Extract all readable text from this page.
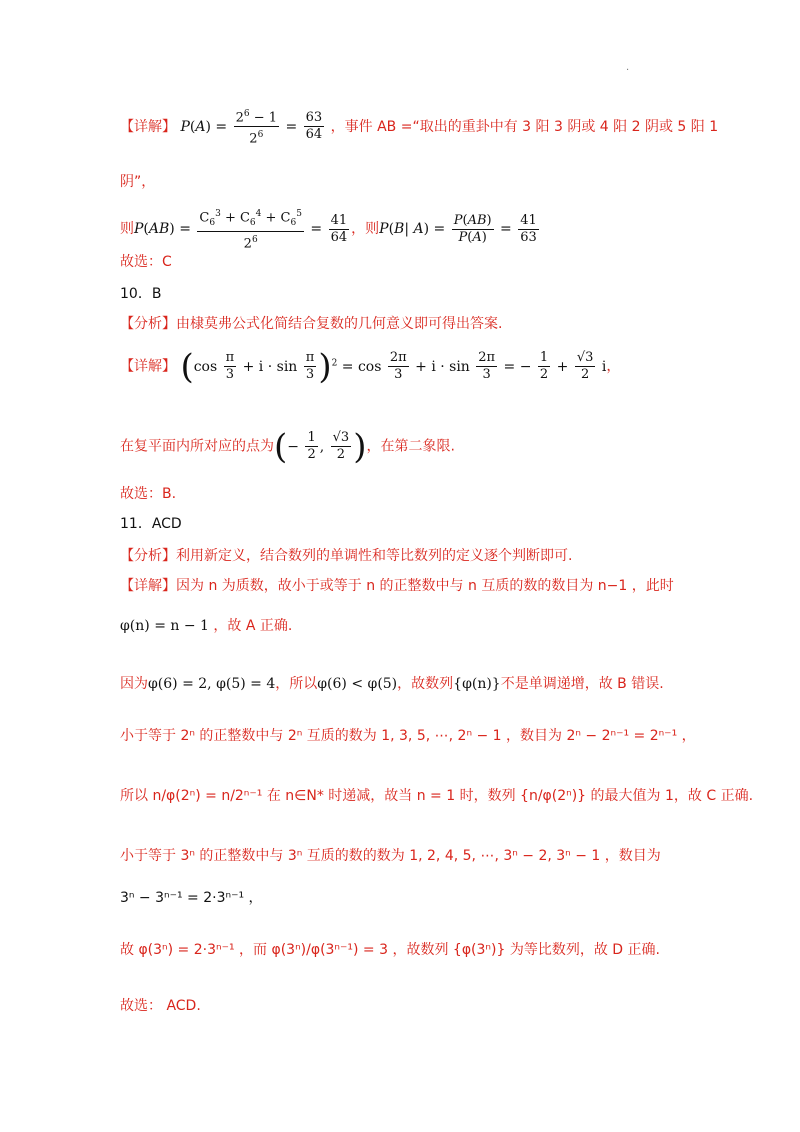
.
【详解】 $P(A) = \frac{2^6 - 1}{2^6} = \frac{63}{64}$ ，事件 AB =“取出的重卦中有 3 阳 3 阴或 4 阳 2 阴或 5 阳 1
阴”，
则$P(AB) = \frac{C_6^3 + C_6^4 + C_6^5}{2^6} = \frac{41}{64}$ ，则P(B| $A) = \frac{P(AB)}{P(A)} = \frac{41}{63}$
故选：C
10．B
【分析】由棣莫弗公式化简结合复数的几何意义即可得出答案.
【详解】 $(\cos \frac{\pi}{3} + i \cdot \sin \frac{\pi}{3} )^2 = \cos \frac{2\pi}{3} + i \cdot \sin \frac{2\pi}{3}$ = − $\frac{1}{2} + \frac{√3}{2}$ i，
在复平面内所对应的点为(− $\frac{1}{2}$ , $\frac{√3}{2}$ )，在第二象限.
故选：B.
11．ACD
【分析】利用新定义，结合数列的单调性和等比数列的定义逐个判断即可.
【详解】因为 n 为质数，故小于或等于 n 的正整数中与 n 互质的数的数目为 n−1 ，此时
φ(n) = n − 1 ，故 A 正确.
因为φ(6) = 2, φ(5) = 4，所以φ(6) < φ(5)，故数列{φ(n)}不是单调递增，故 B 错误.
小于等于 2ⁿ 的正整数中与 2ⁿ 互质的数为 1, 3, 5, ⋯, 2ⁿ − 1 ，数目为 2ⁿ − 2ⁿ⁻¹ = 2ⁿ⁻¹ ，
所以 n/φ(2ⁿ) = n/2ⁿ⁻¹ 在 n∈N* 时递减，故当 n = 1 时，数列 {n/φ(2ⁿ)} 的最大值为 1，故 C 正确.
小于等于 3ⁿ 的正整数中与 3ⁿ 互质的数的数为 1, 2, 4, 5, ⋯, 3ⁿ − 2, 3ⁿ − 1 ，数目为
3ⁿ − 3ⁿ⁻¹ = 2·3ⁿ⁻¹ ，
故 φ(3ⁿ) = 2·3ⁿ⁻¹ ，而 φ(3ⁿ)/φ(3ⁿ⁻¹) = 3 ，故数列 {φ(3ⁿ)} 为等比数列，故 D 正确.
故选： ACD.
